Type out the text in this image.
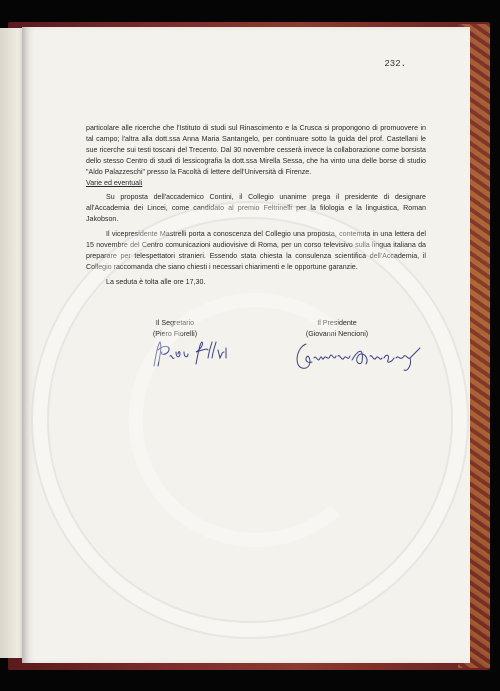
232.

particolare alle ricerche che l'Istituto di studi sul Rinascimento e la Crusca si propongono di promuovere in tal campo; l'altra alla dott.ssa Anna Maria Santangelo, per continuare sotto la guida del prof. Castellani le sue ricerche sui testi toscani del Trecento. Dal 30 novembre cesserà invece la collaborazione come borsista dello stesso Centro di studi di lessicografia la dott.ssa Mirella Sessa, che ha vinto una delle borse di studio "Aldo Palazzeschi" presso la Facoltà di lettere dell'Università di Firenze.

Varie ed eventuali

Su proposta dell'accademico Contini, il Collegio unanime prega il presidente di designare all'Accademia dei Lincei, come candidato al premio Feltrinelli per la filologia e la linguistica, Roman Jakobson.

Il vicepresidente Mastrelli porta a conoscenza del Collegio una proposta, contenuta in una lettera del 15 novembre del Centro comunicazioni audiovisive di Roma, per un corso televisivo sulla lingua italiana da preparare per telespettatori stranieri. Essendo stata chiesta la consulenza scientifica dell'Accademia, il Collegio raccomanda che siano chiesti i necessari chiarimenti e le opportune garanzie.

La seduta è tolta alle ore 17,30.

Il Segretario
(Piero Fiorelli)
Il Presidente
(Giovanni Nencioni)
